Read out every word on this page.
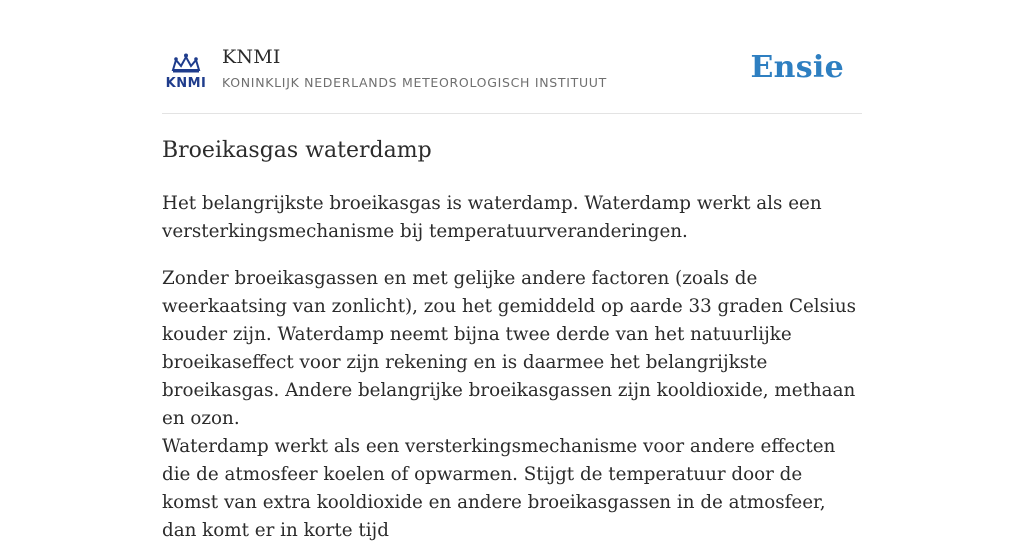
KNMI
KNMI
KONINKLIJK NEDERLANDS METEOROLOGISCH INSTITUUT	Ensie
Broeikasgas waterdamp

Het belangrijkste broeikasgas is waterdamp. Waterdamp werkt als een versterkingsmechanisme bij temperatuurveranderingen.

Zonder broeikasgassen en met gelijke andere factoren (zoals de weerkaatsing van zonlicht), zou het gemiddeld op aarde 33 graden Celsius kouder zijn. Waterdamp neemt bijna twee derde van het natuurlijke broeikaseffect voor zijn rekening en is daarmee het belangrijkste broeikasgas. Andere belangrijke broeikasgassen zijn kooldioxide, methaan en ozon.

Waterdamp werkt als een versterkingsmechanisme voor andere effecten die de atmosfeer koelen of opwarmen. Stijgt de temperatuur door de komst van extra kooldioxide en andere broeikasgassen in de atmosfeer, dan komt er in korte tijd
